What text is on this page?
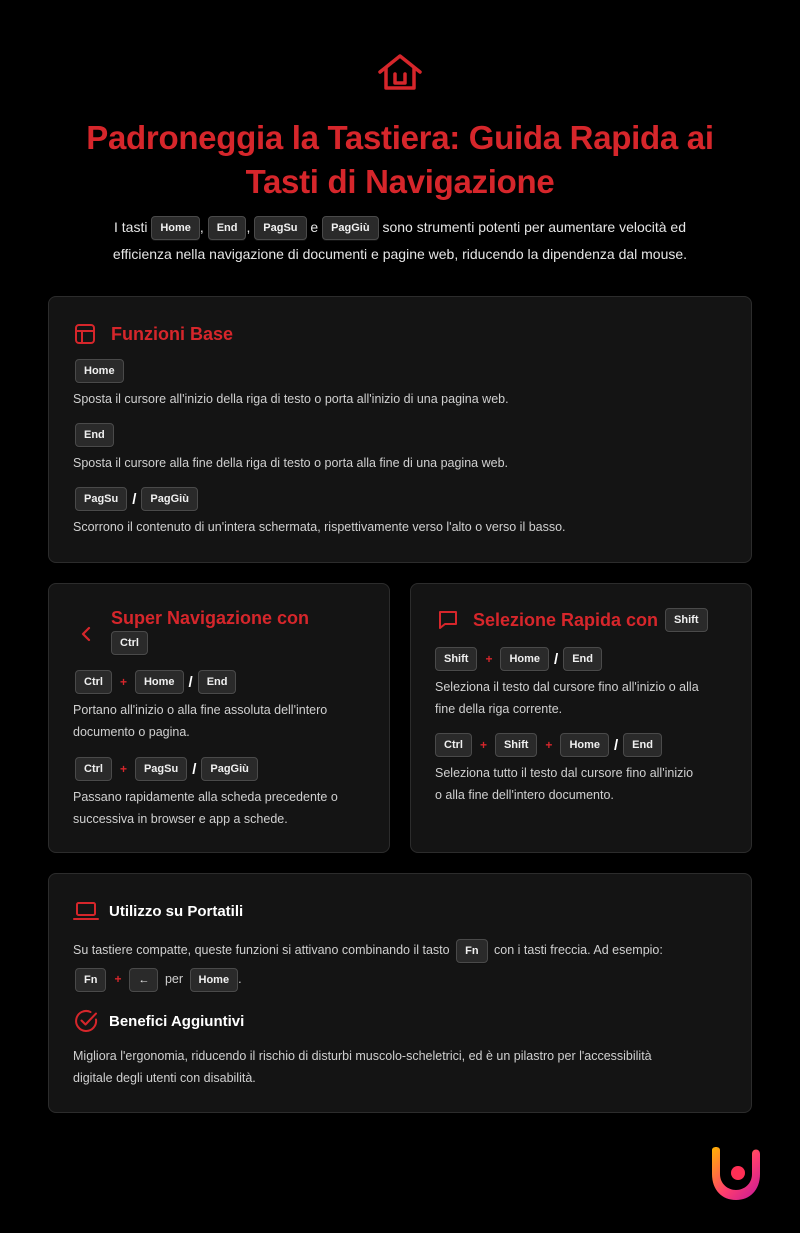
Padroneggia la Tastiera: Guida Rapida ai
Tasti di Navigazione
I tasti Home , End , PagSu e PagGiù sono strumenti potenti per aumentare velocità ed
efficienza nella navigazione di documenti e pagine web, riducendo la dipendenza dal mouse.
Funzioni Base
Home
Sposta il cursore all'inizio della riga di testo o porta all'inizio di una pagina web.
End
Sposta il cursore alla fine della riga di testo o porta alla fine di una pagina web.
PagSu /	PagGiù
Scorrono il contenuto di un'intera schermata, rispettivamente verso l'alto o verso il basso.
Super Navigazione con
Ctrl
Ctrl	+	Home /	End
Portano all'inizio o alla fine assoluta dell'intero
documento o pagina.
Ctrl	+	PagSu /	PagGiù
Passano rapidamente alla scheda precedente o
successiva in browser e app a schede.
Selezione Rapida con	Shift
Shift	+	Home /	End
Seleziona il testo dal cursore fino all'inizio o alla
fine della riga corrente.
Ctrl	+	Shift	+	Home /	End
Seleziona tutto il testo dal cursore fino all'inizio
o alla fine dell'intero documento.
Utilizzo su Portatili
Su tastiere compatte, queste funzioni si attivano combinando il tasto Fn con i tasti freccia. Ad esempio:
Fn + ← per Home .
Benefici Aggiuntivi
Migliora l'ergonomia, riducendo il rischio di disturbi muscolo-scheletrici, ed è un pilastro per l'accessibilità
digitale degli utenti con disabilità.
